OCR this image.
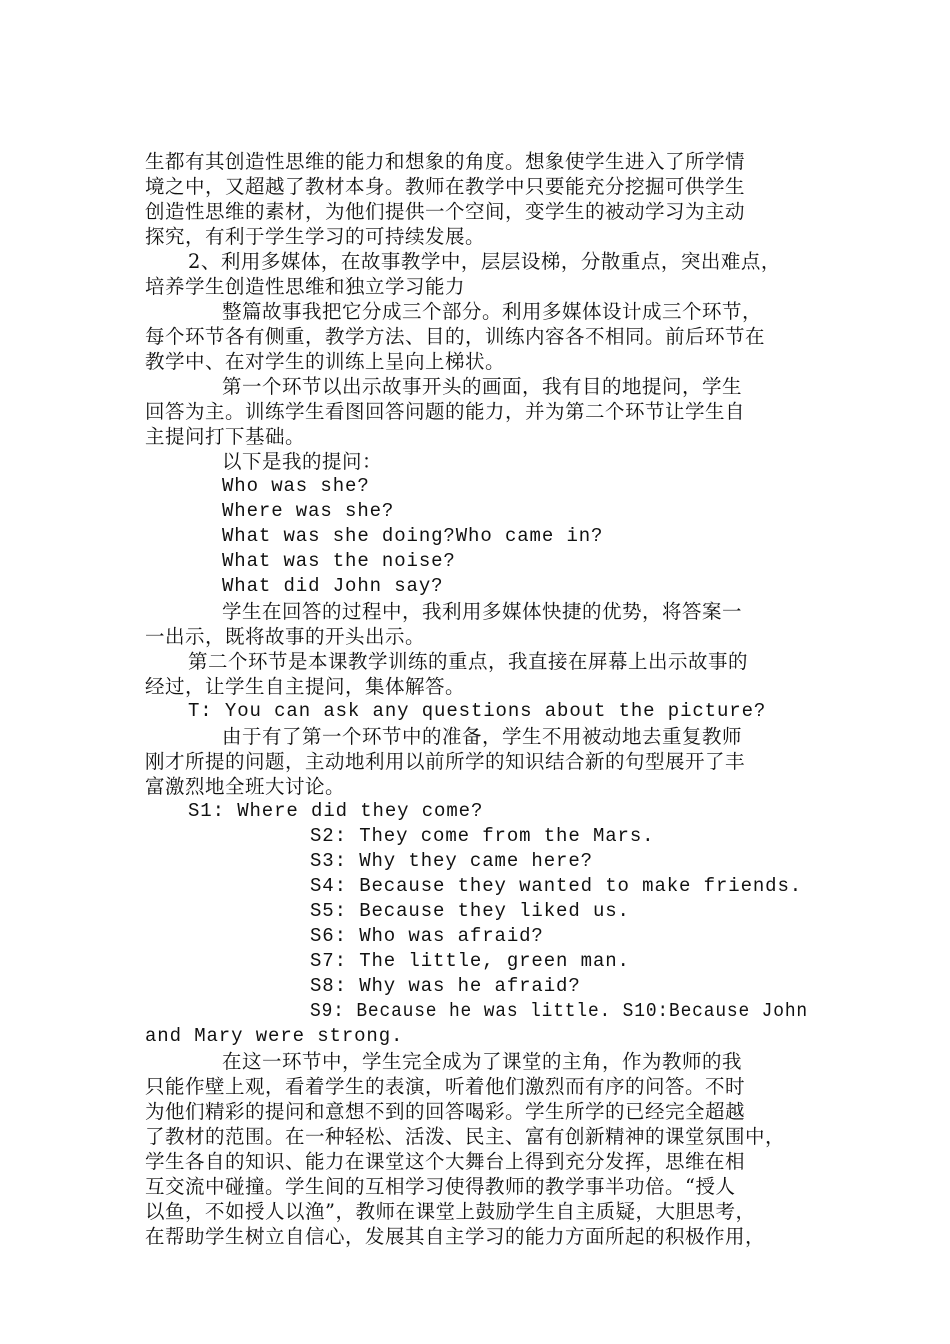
生都有其创造性思维的能力和想象的角度。想象使学生进入了所学情

境之中，又超越了教材本身。教师在教学中只要能充分挖掘可供学生

创造性思维的素材，为他们提供一个空间，变学生的被动学习为主动

探究，有利于学生学习的可持续发展。

2、利用多媒体，在故事教学中，层层设梯，分散重点，突出难点，

培养学生创造性思维和独立学习能力

整篇故事我把它分成三个部分。利用多媒体设计成三个环节，

每个环节各有侧重，教学方法、目的，训练内容各不相同。前后环节在

教学中、在对学生的训练上呈向上梯状。

第一个环节以出示故事开头的画面，我有目的地提问，学生

回答为主。训练学生看图回答问题的能力，并为第二个环节让学生自

主提问打下基础。

以下是我的提问：

Who was she?

Where was she?

What was she doing?Who came in?

What was the noise?

What did John say?

学生在回答的过程中，我利用多媒体快捷的优势，将答案一

一出示，既将故事的开头出示。

第二个环节是本课教学训练的重点，我直接在屏幕上出示故事的

经过，让学生自主提问，集体解答。

T: You can ask any questions about the picture?

由于有了第一个环节中的准备，学生不用被动地去重复教师

刚才所提的问题，主动地利用以前所学的知识结合新的句型展开了丰

富激烈地全班大讨论。

S1: Where did they come?

S2: They come from the Mars.

S3: Why they came here?

S4: Because they wanted to make friends.

S5: Because they liked us.

S6: Who was afraid?

S7: The little, green man.

S8: Why was he afraid?

S9: Because he was little. S10:Because John

and Mary were strong.

在这一环节中，学生完全成为了课堂的主角，作为教师的我

只能作壁上观，看着学生的表演，听着他们激烈而有序的问答。不时

为他们精彩的提问和意想不到的回答喝彩。学生所学的已经完全超越

了教材的范围。在一种轻松、活泼、民主、富有创新精神的课堂氛围中，

学生各自的知识、能力在课堂这个大舞台上得到充分发挥，思维在相

互交流中碰撞。学生间的互相学习使得教师的教学事半功倍。“授人

以鱼，不如授人以渔”，教师在课堂上鼓励学生自主质疑，大胆思考，

在帮助学生树立自信心，发展其自主学习的能力方面所起的积极作用，
